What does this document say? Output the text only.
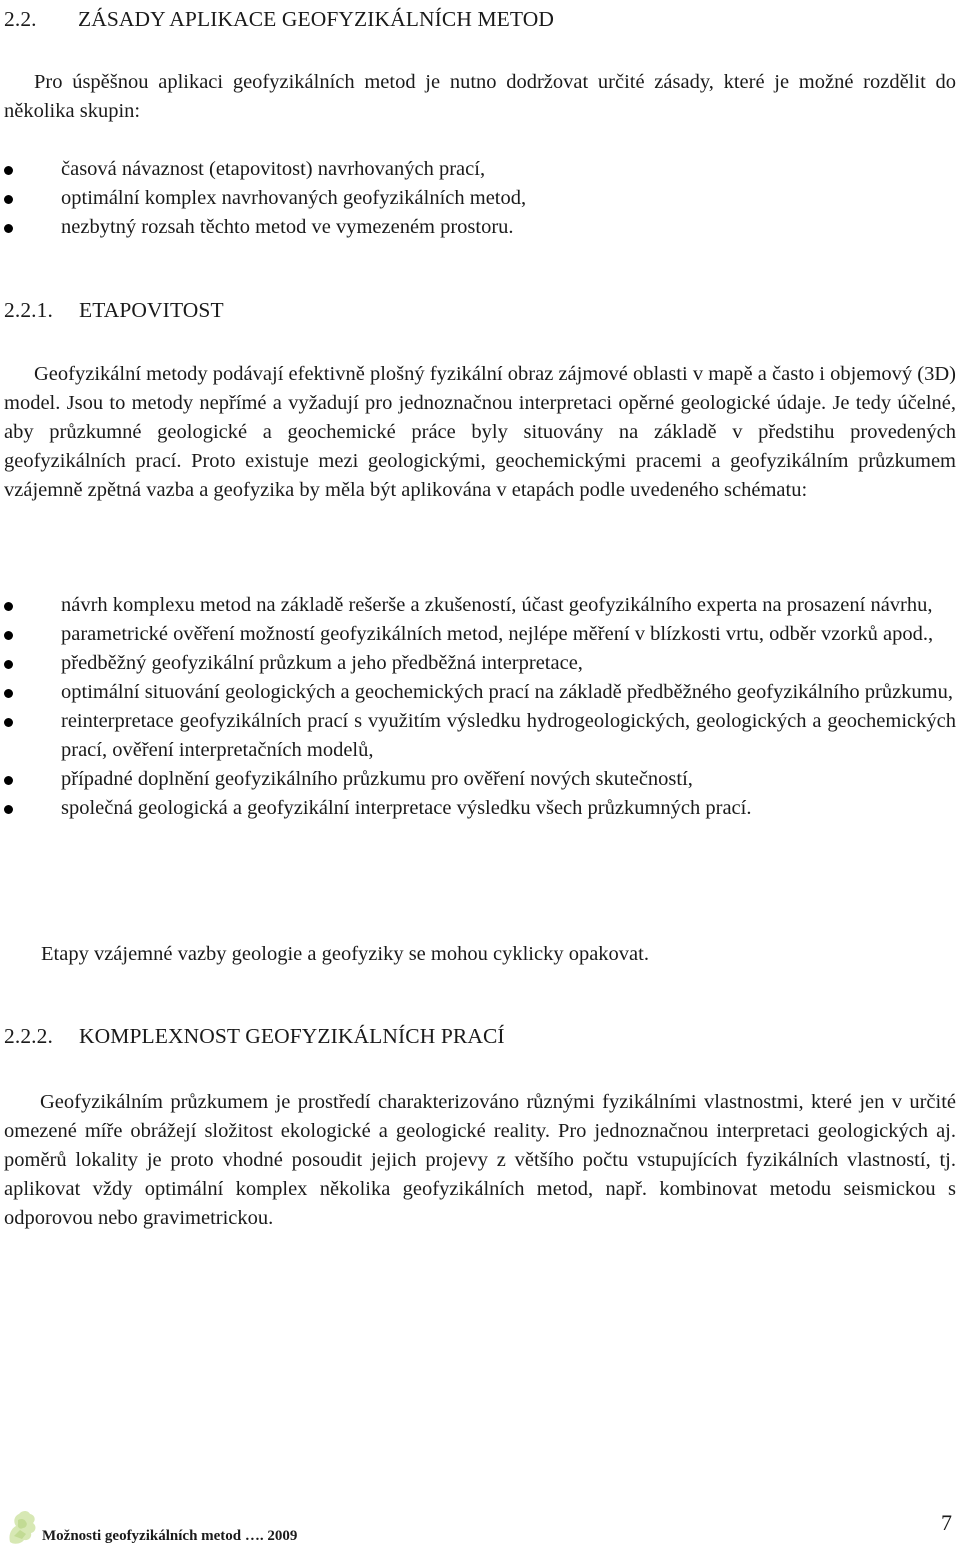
2.2. ZÁSADY APLIKACE GEOFYZIKÁLNÍCH METOD
Pro úspěšnou aplikaci geofyzikálních metod je nutno dodržovat určité zásady, které je možné rozdělit do několika skupin:
časová návaznost (etapovitost) navrhovaných prací,
optimální komplex navrhovaných geofyzikálních metod,
nezbytný rozsah těchto metod ve vymezeném prostoru.
2.2.1. ETAPOVITOST
Geofyzikální metody podávají efektivně plošný fyzikální obraz zájmové oblasti v mapě a často i objemový (3D) model. Jsou to metody nepřímé a vyžadují pro jednoznačnou interpretaci opěrné geologické údaje. Je tedy účelné, aby průzkumné geologické a geochemické práce byly situovány na základě v předstihu provedených geofyzikálních prací. Proto existuje mezi geologickými, geochemickými pracemi a geofyzikálním průzkumem vzájemně zpětná vazba a geofyzika by měla být aplikována v etapách podle uvedeného schématu:
návrh komplexu metod na základě rešerše a zkušeností, účast geofyzikálního experta na prosazení návrhu,
parametrické ověření možností geofyzikálních metod, nejlépe měření v blízkosti vrtu, odběr vzorků apod.,
předběžný geofyzikální průzkum a jeho předběžná interpretace,
optimální situování geologických a geochemických prací na základě předběžného geofyzikálního průzkumu,
reinterpretace geofyzikálních prací s využitím výsledku hydrogeologických, geologických a geochemických prací, ověření interpretačních modelů,
případné doplnění geofyzikálního průzkumu pro ověření nových skutečností,
společná geologická a geofyzikální interpretace výsledku všech průzkumných prací.
Etapy vzájemné vazby geologie a geofyziky se mohou cyklicky opakovat.
2.2.2. KOMPLEXNOST GEOFYZIKÁLNÍCH PRACÍ
Geofyzikálním průzkumem je prostředí charakterizováno různými fyzikálními vlastnostmi, které jen v určité omezené míře obrážejí složitost ekologické a geologické reality. Pro jednoznačnou interpretaci geologických aj. poměrů lokality je proto vhodné posoudit jejich projevy z většího počtu vstupujících fyzikálních vlastností, tj. aplikovat vždy optimální komplex několika geofyzikálních metod, např. kombinovat metodu seismickou s odporovou nebo gravimetrickou.
Možnosti geofyzikálních metod …. 2009
7
